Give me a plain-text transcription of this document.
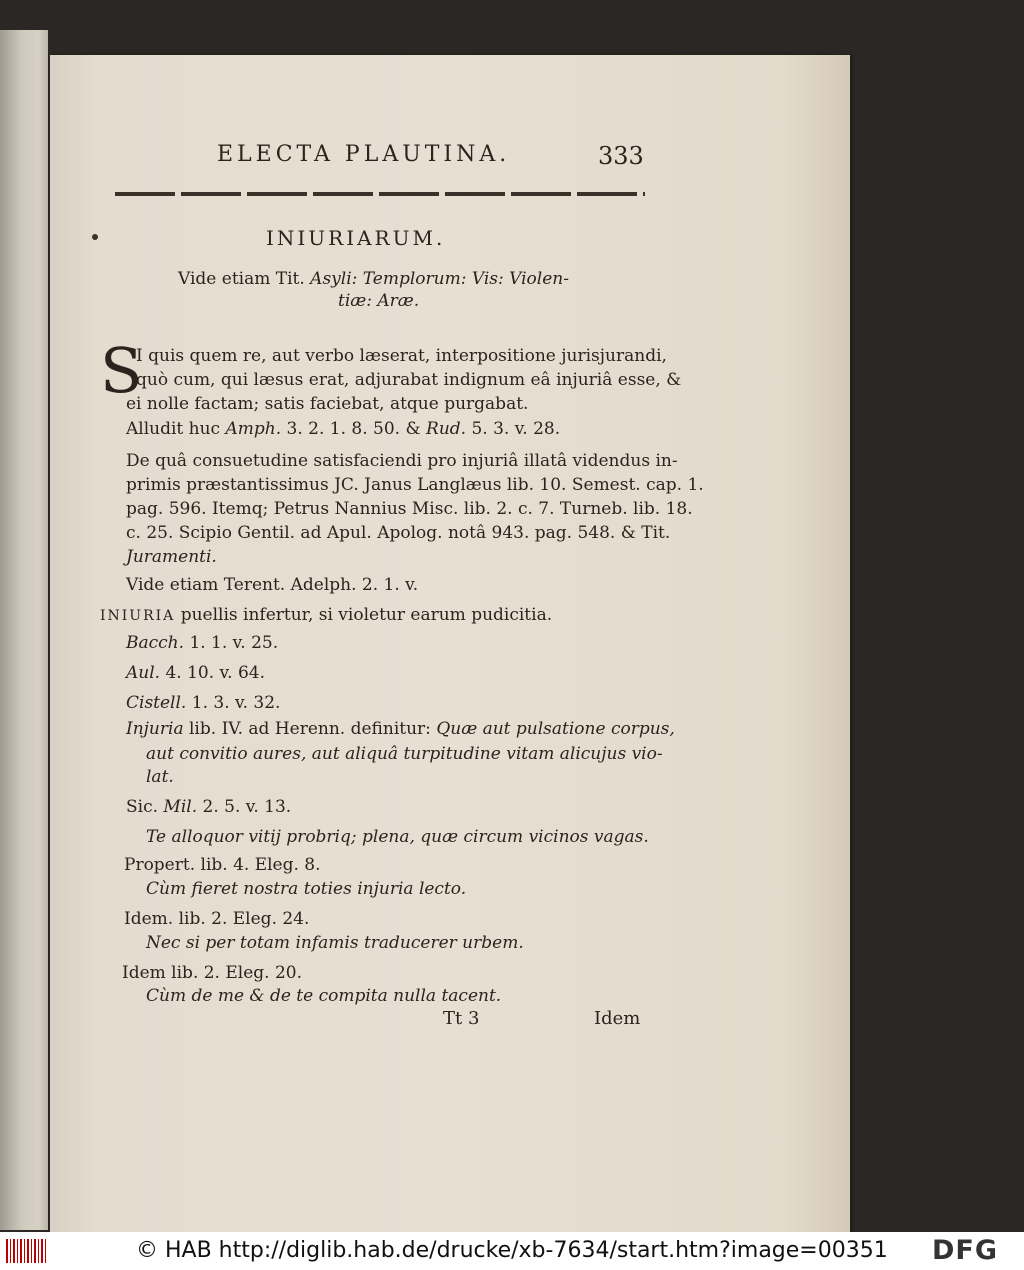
ELECTA PLAUTINA.	333
INIURIARUM.
Vide etiam Tit. Asyli: Templorum: Vis: Violen-
tiæ: Aræ.
S
I quis quem re, aut verbo læserat, interpositione jurisjurandi,
quò cum, qui læsus erat, adjurabat indignum eâ injuriâ esse, &
ei nolle factam; satis faciebat, atque purgabat.
Alludit huc Amph. 3. 2. 1. 8. 50. & Rud. 5. 3. v. 28.
De quâ consuetudine satisfaciendi pro injuriâ illatâ videndus in-
primis præstantissimus JC. Janus Langlæus lib. 10. Semest. cap. 1.
pag. 596. Itemq; Petrus Nannius Misc. lib. 2. c. 7. Turneb. lib. 18.
c. 25. Scipio Gentil. ad Apul. Apolog. notâ 943. pag. 548. & Tit.
Juramenti.
Vide etiam Terent. Adelph. 2. 1. v.
INIURIA puellis infertur, si violetur earum pudicitia.
Bacch. 1. 1. v. 25.
Aul. 4. 10. v. 64.
Cistell. 1. 3. v. 32.
Injuria lib. IV. ad Herenn. definitur: Quæ aut pulsatione corpus,
aut convitio aures, aut aliquâ turpitudine vitam alicujus vio-
lat.
Sic. Mil. 2. 5. v. 13.
Te alloquor vitij probriq; plena, quæ circum vicinos vagas.
Propert. lib. 4. Eleg. 8.
Cùm fieret nostra toties injuria lecto.
Idem. lib. 2. Eleg. 24.
Nec si per totam infamis traducerer urbem.
Idem lib. 2. Eleg. 20.
Cùm de me & de te compita nulla tacent.
Tt 3	Idem
© HAB http://diglib.hab.de/drucke/xb-7634/start.htm?image=00351 DFG
